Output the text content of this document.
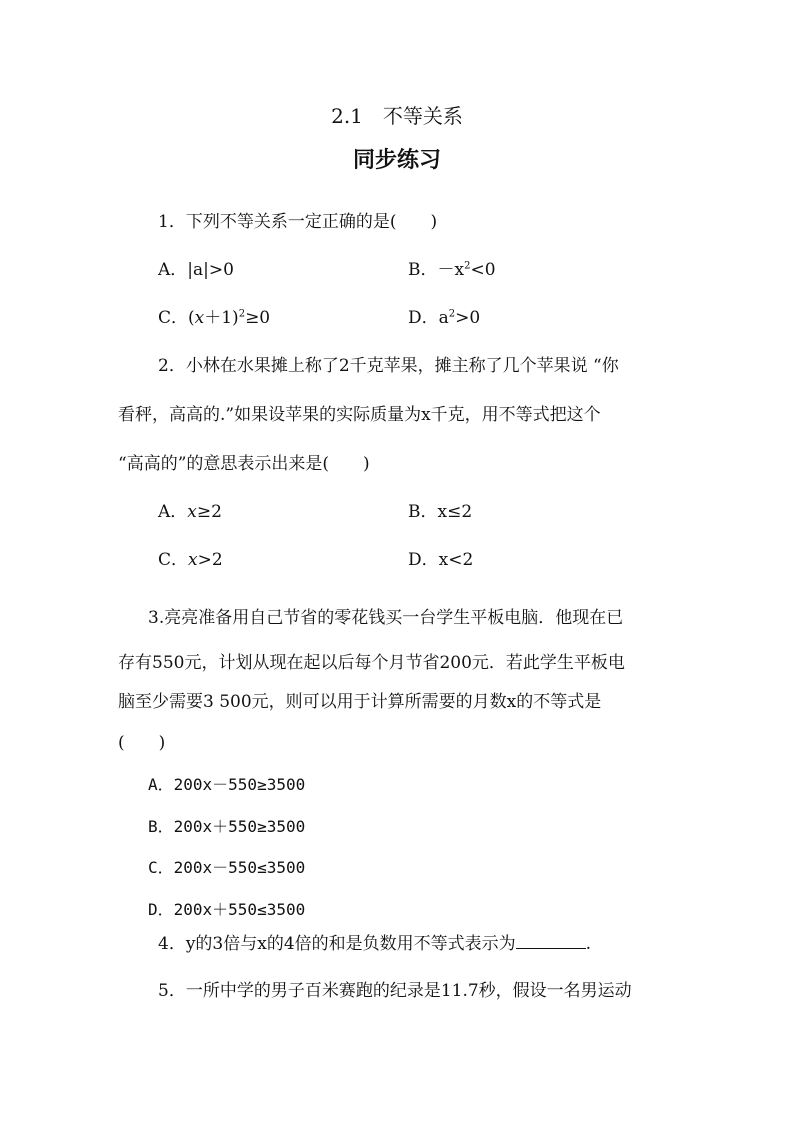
2.1　不等关系
同步练习
1．下列不等关系一定正确的是(　　)
A．|a|>0	B．$-x^2<0$
C．$(x+1)^2\ge 0$	D．$a^2>0$
2．小林在水果摊上称了2千克苹果，摊主称了几个苹果说 “你
看秤，高高的.”如果设苹果的实际质量为x千克，用不等式把这个
“高高的”的意思表示出来是(　　)
A．x≥2	B．x≤2
C．x>2	D．x<2
3.亮亮准备用自己节省的零花钱买一台学生平板电脑．他现在已
存有550元，计划从现在起以后每个月节省200元．若此学生平板电
脑至少需要3 500元，则可以用于计算所需要的月数x的不等式是
(　　)
A．200x－550≥3500
B．200x＋550≥3500
C．200x－550≤3500
D．200x＋550≤3500
4．y的3倍与x的4倍的和是负数用不等式表示为	.
5．一所中学的男子百米赛跑的纪录是11.7秒，假设一名男运动
